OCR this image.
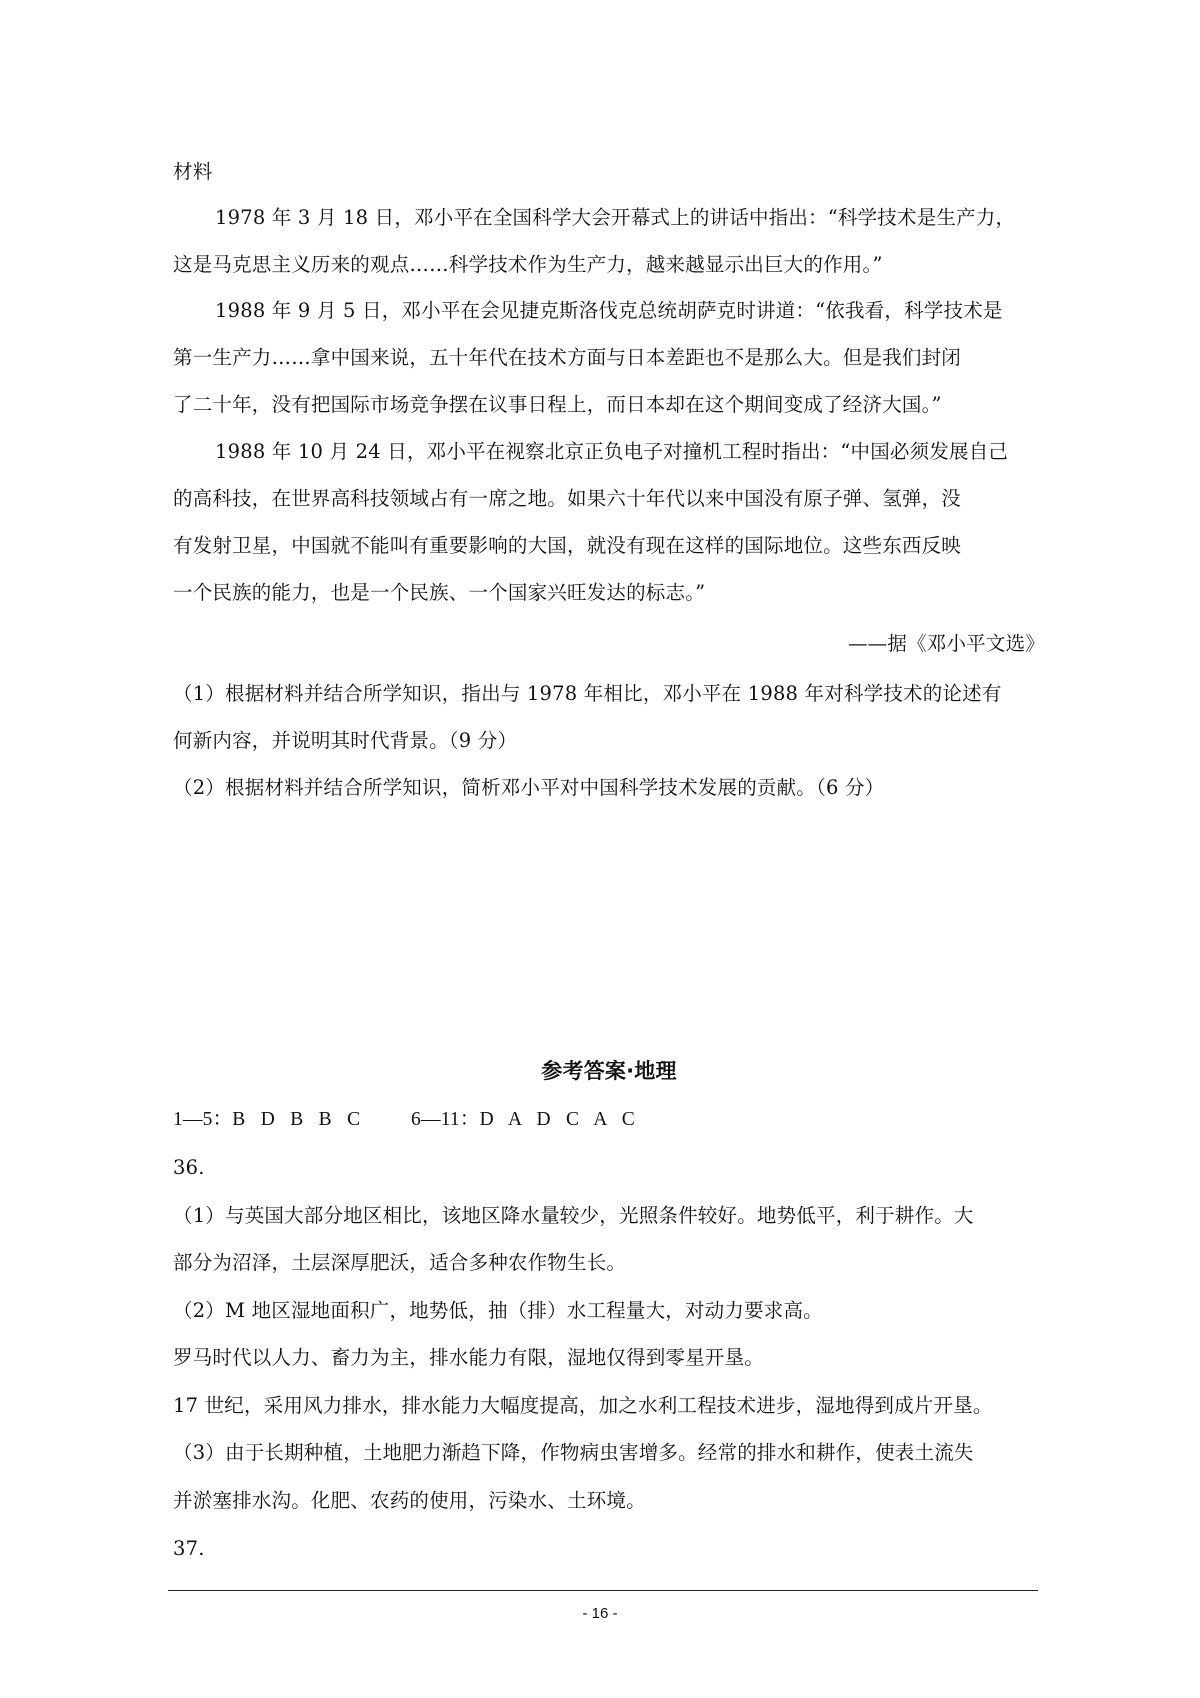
材料
1978 年 3 月 18 日，邓小平在全国科学大会开幕式上的讲话中指出：“科学技术是生产力，
这是马克思主义历来的观点……科学技术作为生产力，越来越显示出巨大的作用。”
1988 年 9 月 5 日，邓小平在会见捷克斯洛伐克总统胡萨克时讲道：“依我看，科学技术是
第一生产力……拿中国来说，五十年代在技术方面与日本差距也不是那么大。但是我们封闭
了二十年，没有把国际市场竞争摆在议事日程上，而日本却在这个期间变成了经济大国。”
1988 年 10 月 24 日，邓小平在视察北京正负电子对撞机工程时指出：“中国必须发展自己
的高科技，在世界高科技领域占有一席之地。如果六十年代以来中国没有原子弹、氢弹，没
有发射卫星，中国就不能叫有重要影响的大国，就没有现在这样的国际地位。这些东西反映
一个民族的能力，也是一个民族、一个国家兴旺发达的标志。”
——据《邓小平文选》
（1）根据材料并结合所学知识，指出与 1978 年相比，邓小平在 1988 年对科学技术的论述有
何新内容，并说明其时代背景。（9 分）
（2）根据材料并结合所学知识，简析邓小平对中国科学技术发展的贡献。（6 分）
参考答案·地理
1—5：B   D   B   B   C          6—11：D   A   D   C   A   C
36.
（1）与英国大部分地区相比，该地区降水量较少，光照条件较好。地势低平，利于耕作。大
部分为沼泽，土层深厚肥沃，适合多种农作物生长。
（2）M 地区湿地面积广，地势低，抽（排）水工程量大，对动力要求高。
罗马时代以人力、畜力为主，排水能力有限，湿地仅得到零星开垦。
17 世纪，采用风力排水，排水能力大幅度提高，加之水利工程技术进步，湿地得到成片开垦。
（3）由于长期种植，土地肥力渐趋下降，作物病虫害增多。经常的排水和耕作，使表土流失
并淤塞排水沟。化肥、农药的使用，污染水、土环境。
37.
- 16 -
